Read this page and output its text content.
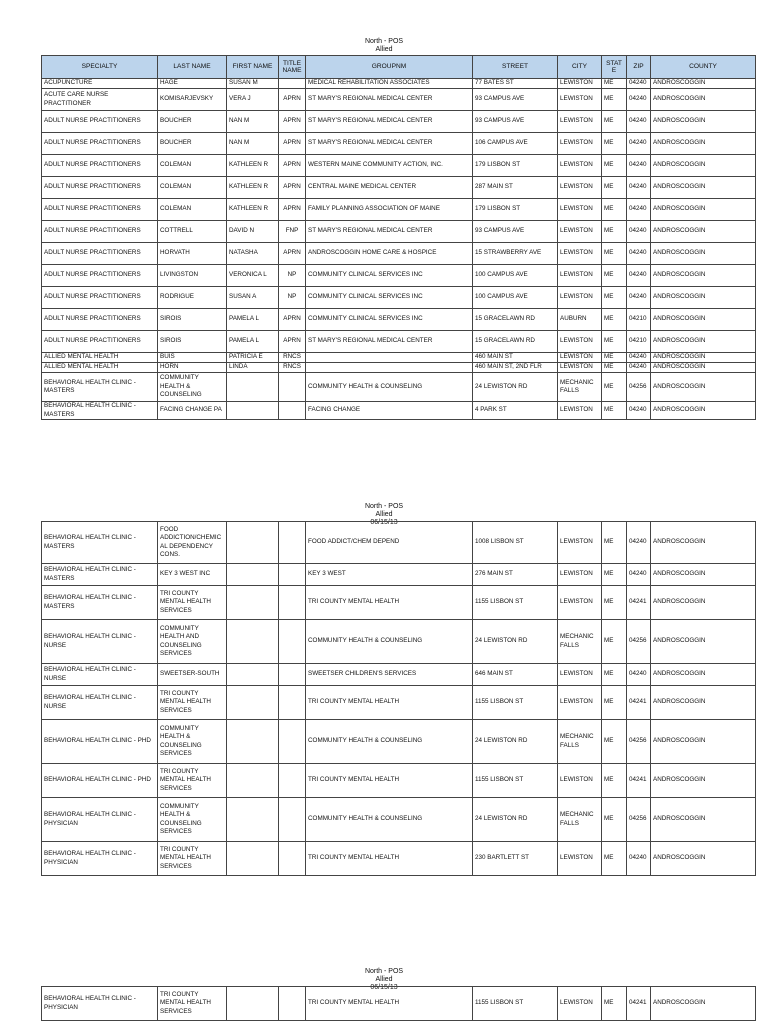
North - POS
Allied
SPECIALTY	LAST NAME	FIRST NAME	TITLE NAME	GROUPNM	STREET	CITY	STATE	ZIP	COUNTY
ACUPUNCTURE	HAGE	SUSAN M		MEDICAL REHABILITATION ASSOCIATES	77 BATES ST	LEWISTON	ME	04240	ANDROSCOGGIN
ACUTE CARE NURSE PRACTITIONER	KOMISARJEVSKY	VERA J	APRN	ST MARY'S REGIONAL MEDICAL CENTER	93 CAMPUS AVE	LEWISTON	ME	04240	ANDROSCOGGIN
ADULT NURSE PRACTITIONERS	BOUCHER	NAN M	APRN	ST MARY'S REGIONAL MEDICAL CENTER	93 CAMPUS AVE	LEWISTON	ME	04240	ANDROSCOGGIN
ADULT NURSE PRACTITIONERS	BOUCHER	NAN M	APRN	ST MARY'S REGIONAL MEDICAL CENTER	106 CAMPUS AVE	LEWISTON	ME	04240	ANDROSCOGGIN
ADULT NURSE PRACTITIONERS	COLEMAN	KATHLEEN R	APRN	WESTERN MAINE COMMUNITY ACTION, INC.	179 LISBON ST	LEWISTON	ME	04240	ANDROSCOGGIN
ADULT NURSE PRACTITIONERS	COLEMAN	KATHLEEN R	APRN	CENTRAL MAINE MEDICAL CENTER	287 MAIN ST	LEWISTON	ME	04240	ANDROSCOGGIN
ADULT NURSE PRACTITIONERS	COLEMAN	KATHLEEN R	APRN	FAMILY PLANNING ASSOCIATION OF MAINE	179 LISBON ST	LEWISTON	ME	04240	ANDROSCOGGIN
ADULT NURSE PRACTITIONERS	COTTRELL	DAVID N	FNP	ST MARY'S REGIONAL MEDICAL CENTER	93 CAMPUS AVE	LEWISTON	ME	04240	ANDROSCOGGIN
ADULT NURSE PRACTITIONERS	HORVATH	NATASHA	APRN	ANDROSCOGGIN HOME CARE & HOSPICE	15 STRAWBERRY AVE	LEWISTON	ME	04240	ANDROSCOGGIN
ADULT NURSE PRACTITIONERS	LIVINGSTON	VERONICA L	NP	COMMUNITY CLINICAL SERVICES INC	100 CAMPUS AVE	LEWISTON	ME	04240	ANDROSCOGGIN
ADULT NURSE PRACTITIONERS	RODRIGUE	SUSAN A	NP	COMMUNITY CLINICAL SERVICES INC	100 CAMPUS AVE	LEWISTON	ME	04240	ANDROSCOGGIN
ADULT NURSE PRACTITIONERS	SIROIS	PAMELA L	APRN	COMMUNITY CLINICAL SERVICES INC	15 GRACELAWN RD	AUBURN	ME	04210	ANDROSCOGGIN
ADULT NURSE PRACTITIONERS	SIROIS	PAMELA L	APRN	ST MARY'S REGIONAL MEDICAL CENTER	15 GRACELAWN RD	LEWISTON	ME	04210	ANDROSCOGGIN
ALLIED MENTAL HEALTH	BUIS	PATRICIA E	RNCS		460 MAIN ST	LEWISTON	ME	04240	ANDROSCOGGIN
ALLIED MENTAL HEALTH	HORN	LINDA	RNCS		460 MAIN ST, 2ND FLR	LEWISTON	ME	04240	ANDROSCOGGIN
BEHAVIORAL HEALTH CLINIC - MASTERS	COMMUNITY HEALTH & COUNSELING			COMMUNITY HEALTH & COUNSELING	24 LEWISTON RD	MECHANIC FALLS	ME	04256	ANDROSCOGGIN
BEHAVIORAL HEALTH CLINIC - MASTERS	FACING CHANGE PA			FACING CHANGE	4 PARK ST	LEWISTON	ME	04240	ANDROSCOGGIN
North - POS
Allied
06/15/13
BEHAVIORAL HEALTH CLINIC - MASTERS	FOOD ADDICTION/CHEMICAL DEPENDENCY CONS.			FOOD ADDICT/CHEM DEPEND	1008 LISBON ST	LEWISTON	ME	04240	ANDROSCOGGIN
BEHAVIORAL HEALTH CLINIC - MASTERS	KEY 3 WEST INC			KEY 3 WEST	276 MAIN ST	LEWISTON	ME	04240	ANDROSCOGGIN
BEHAVIORAL HEALTH CLINIC - MASTERS	TRI COUNTY MENTAL HEALTH SERVICES			TRI COUNTY MENTAL HEALTH	1155 LISBON ST	LEWISTON	ME	04241	ANDROSCOGGIN
BEHAVIORAL HEALTH CLINIC - NURSE	COMMUNITY HEALTH AND COUNSELING SERVICES			COMMUNITY HEALTH & COUNSELING	24 LEWISTON RD	MECHANIC FALLS	ME	04256	ANDROSCOGGIN
BEHAVIORAL HEALTH CLINIC - NURSE	SWEETSER-SOUTH			SWEETSER CHILDREN'S SERVICES	646 MAIN ST	LEWISTON	ME	04240	ANDROSCOGGIN
BEHAVIORAL HEALTH CLINIC - NURSE	TRI COUNTY MENTAL HEALTH SERVICES			TRI COUNTY MENTAL HEALTH	1155 LISBON ST	LEWISTON	ME	04241	ANDROSCOGGIN
BEHAVIORAL HEALTH CLINIC - PHD	COMMUNITY HEALTH & COUNSELING SERVICES			COMMUNITY HEALTH & COUNSELING	24 LEWISTON RD	MECHANIC FALLS	ME	04256	ANDROSCOGGIN
BEHAVIORAL HEALTH CLINIC - PHD	TRI COUNTY MENTAL HEALTH SERVICES			TRI COUNTY MENTAL HEALTH	1155 LISBON ST	LEWISTON	ME	04241	ANDROSCOGGIN
BEHAVIORAL HEALTH CLINIC - PHYSICIAN	COMMUNITY HEALTH & COUNSELING SERVICES			COMMUNITY HEALTH & COUNSELING	24 LEWISTON RD	MECHANIC FALLS	ME	04256	ANDROSCOGGIN
BEHAVIORAL HEALTH CLINIC - PHYSICIAN	TRI COUNTY MENTAL HEALTH SERVICES			TRI COUNTY MENTAL HEALTH	230 BARTLETT ST	LEWISTON	ME	04240	ANDROSCOGGIN
North - POS
Allied
06/15/13
BEHAVIORAL HEALTH CLINIC - PHYSICIAN	TRI COUNTY MENTAL HEALTH SERVICES			TRI COUNTY MENTAL HEALTH	1155 LISBON ST	LEWISTON	ME	04241	ANDROSCOGGIN
